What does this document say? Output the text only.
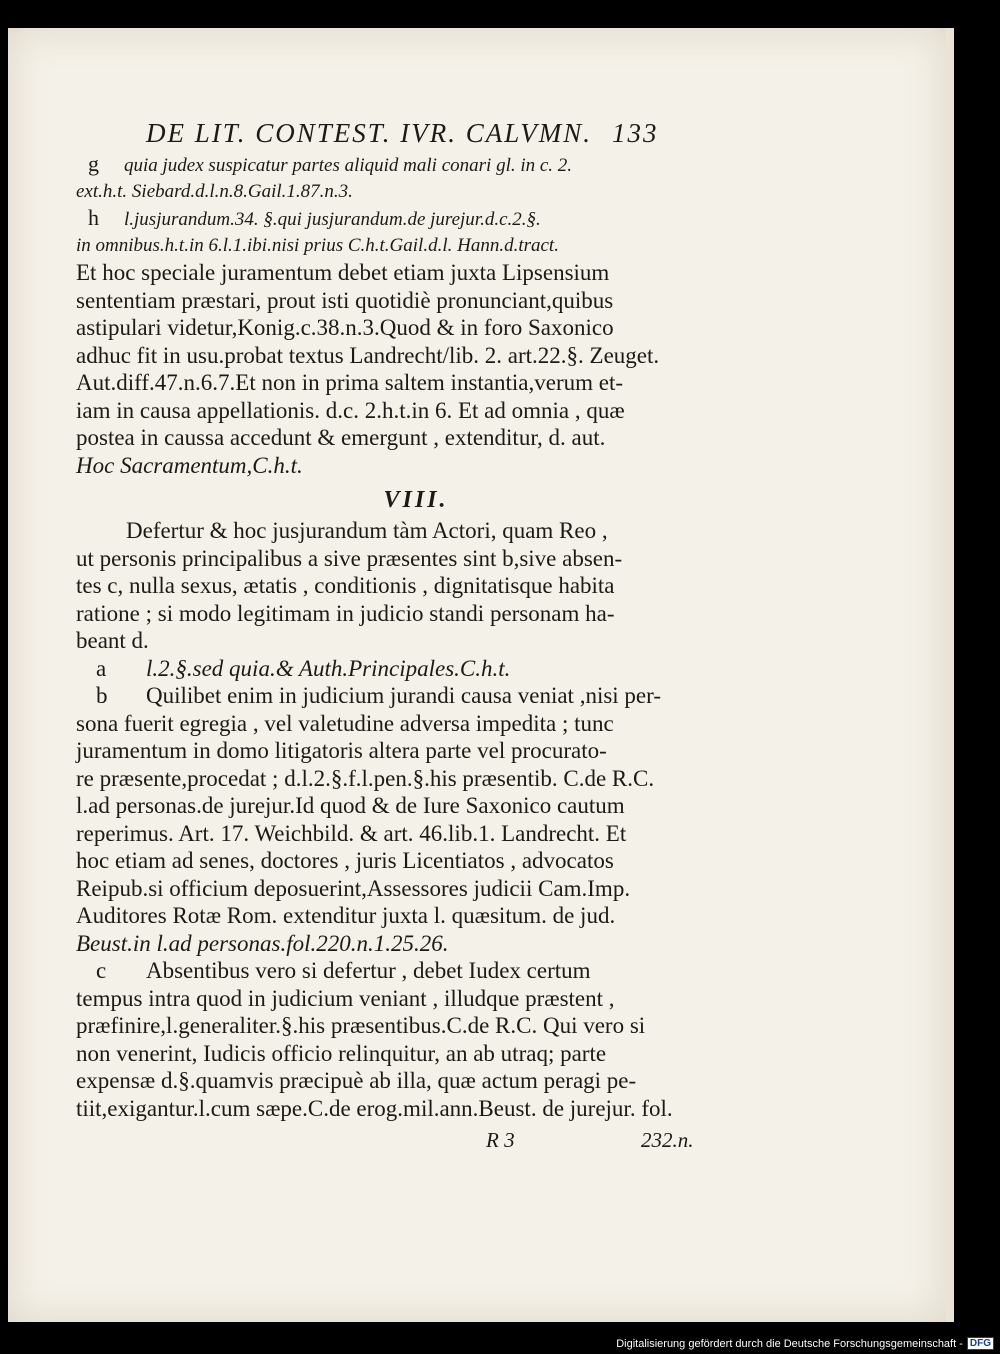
DE LIT. CONTEST. IVR. CALVMN. 133
g quia judex suspicatur partes aliquid mali conari gl. in c. 2.
ext.h.t. Siebard.d.l.n.8.Gail.1.87.n.3.
h l.jusjurandum.34. §.qui jusjurandum.de jurejur.d.c.2.§.
in omnibus.h.t.in 6.l.1.ibi.nisi prius C.h.t.Gail.d.l. Hann.d.tract.
Et hoc speciale juramentum debet etiam juxta Lipsensium
sententiam præstari, prout isti quotidiè pronunciant,quibus
astipulari videtur,Konig.c.38.n.3.Quod & in foro Saxonico
adhuc fit in usu.probat textus Landrecht/lib. 2. art.22.§. Zeuget.
Aut.diff.47.n.6.7.Et non in prima saltem instantia,verum et-
iam in causa appellationis. d.c. 2.h.t.in 6. Et ad omnia , quæ
postea in caussa accedunt & emergunt , extenditur, d. aut.
Hoc Sacramentum,C.h.t.
VIII.
Defertur & hoc jusjurandum tàm Actori, quam Reo ,
ut personis principalibus a sive præsentes sint b,sive absen-
tes c, nulla sexus, ætatis , conditionis , dignitatisque habita
ratione ; si modo legitimam in judicio standi personam ha-
beant d.
a l.2.§.sed quia.& Auth.Principales.C.h.t.
b Quilibet enim in judicium jurandi causa veniat ,nisi per-
sona fuerit egregia , vel valetudine adversa impedita ; tunc
juramentum in domo litigatoris altera parte vel procurato-
re præsente,procedat ; d.l.2.§.f.l.pen.§.his præsentib. C.de R.C.
l.ad personas.de jurejur.Id quod & de Iure Saxonico cautum
reperimus. Art. 17. Weichbild. & art. 46.lib.1. Landrecht. Et
hoc etiam ad senes, doctores , juris Licentiatos , advocatos
Reipub.si officium deposuerint,Assessores judicii Cam.Imp.
Auditores Rotæ Rom. extenditur juxta l. quæsitum. de jud.
Beust.in l.ad personas.fol.220.n.1.25.26.
c Absentibus vero si defertur , debet Iudex certum
tempus intra quod in judicium veniant , illudque præstent ,
præfinire,l.generaliter.§.his præsentibus.C.de R.C. Qui vero si
non venerint, Iudicis officio relinquitur, an ab utraq; parte
expensæ d.§.quamvis præcipuè ab illa, quæ actum peragi pe-
tiit,exigantur.l.cum sæpe.C.de erog.mil.ann.Beust. de jurejur. fol.
R 3	232.n.
Digitalisierung gefördert durch die Deutsche Forschungsgemeinschaft - DFG
